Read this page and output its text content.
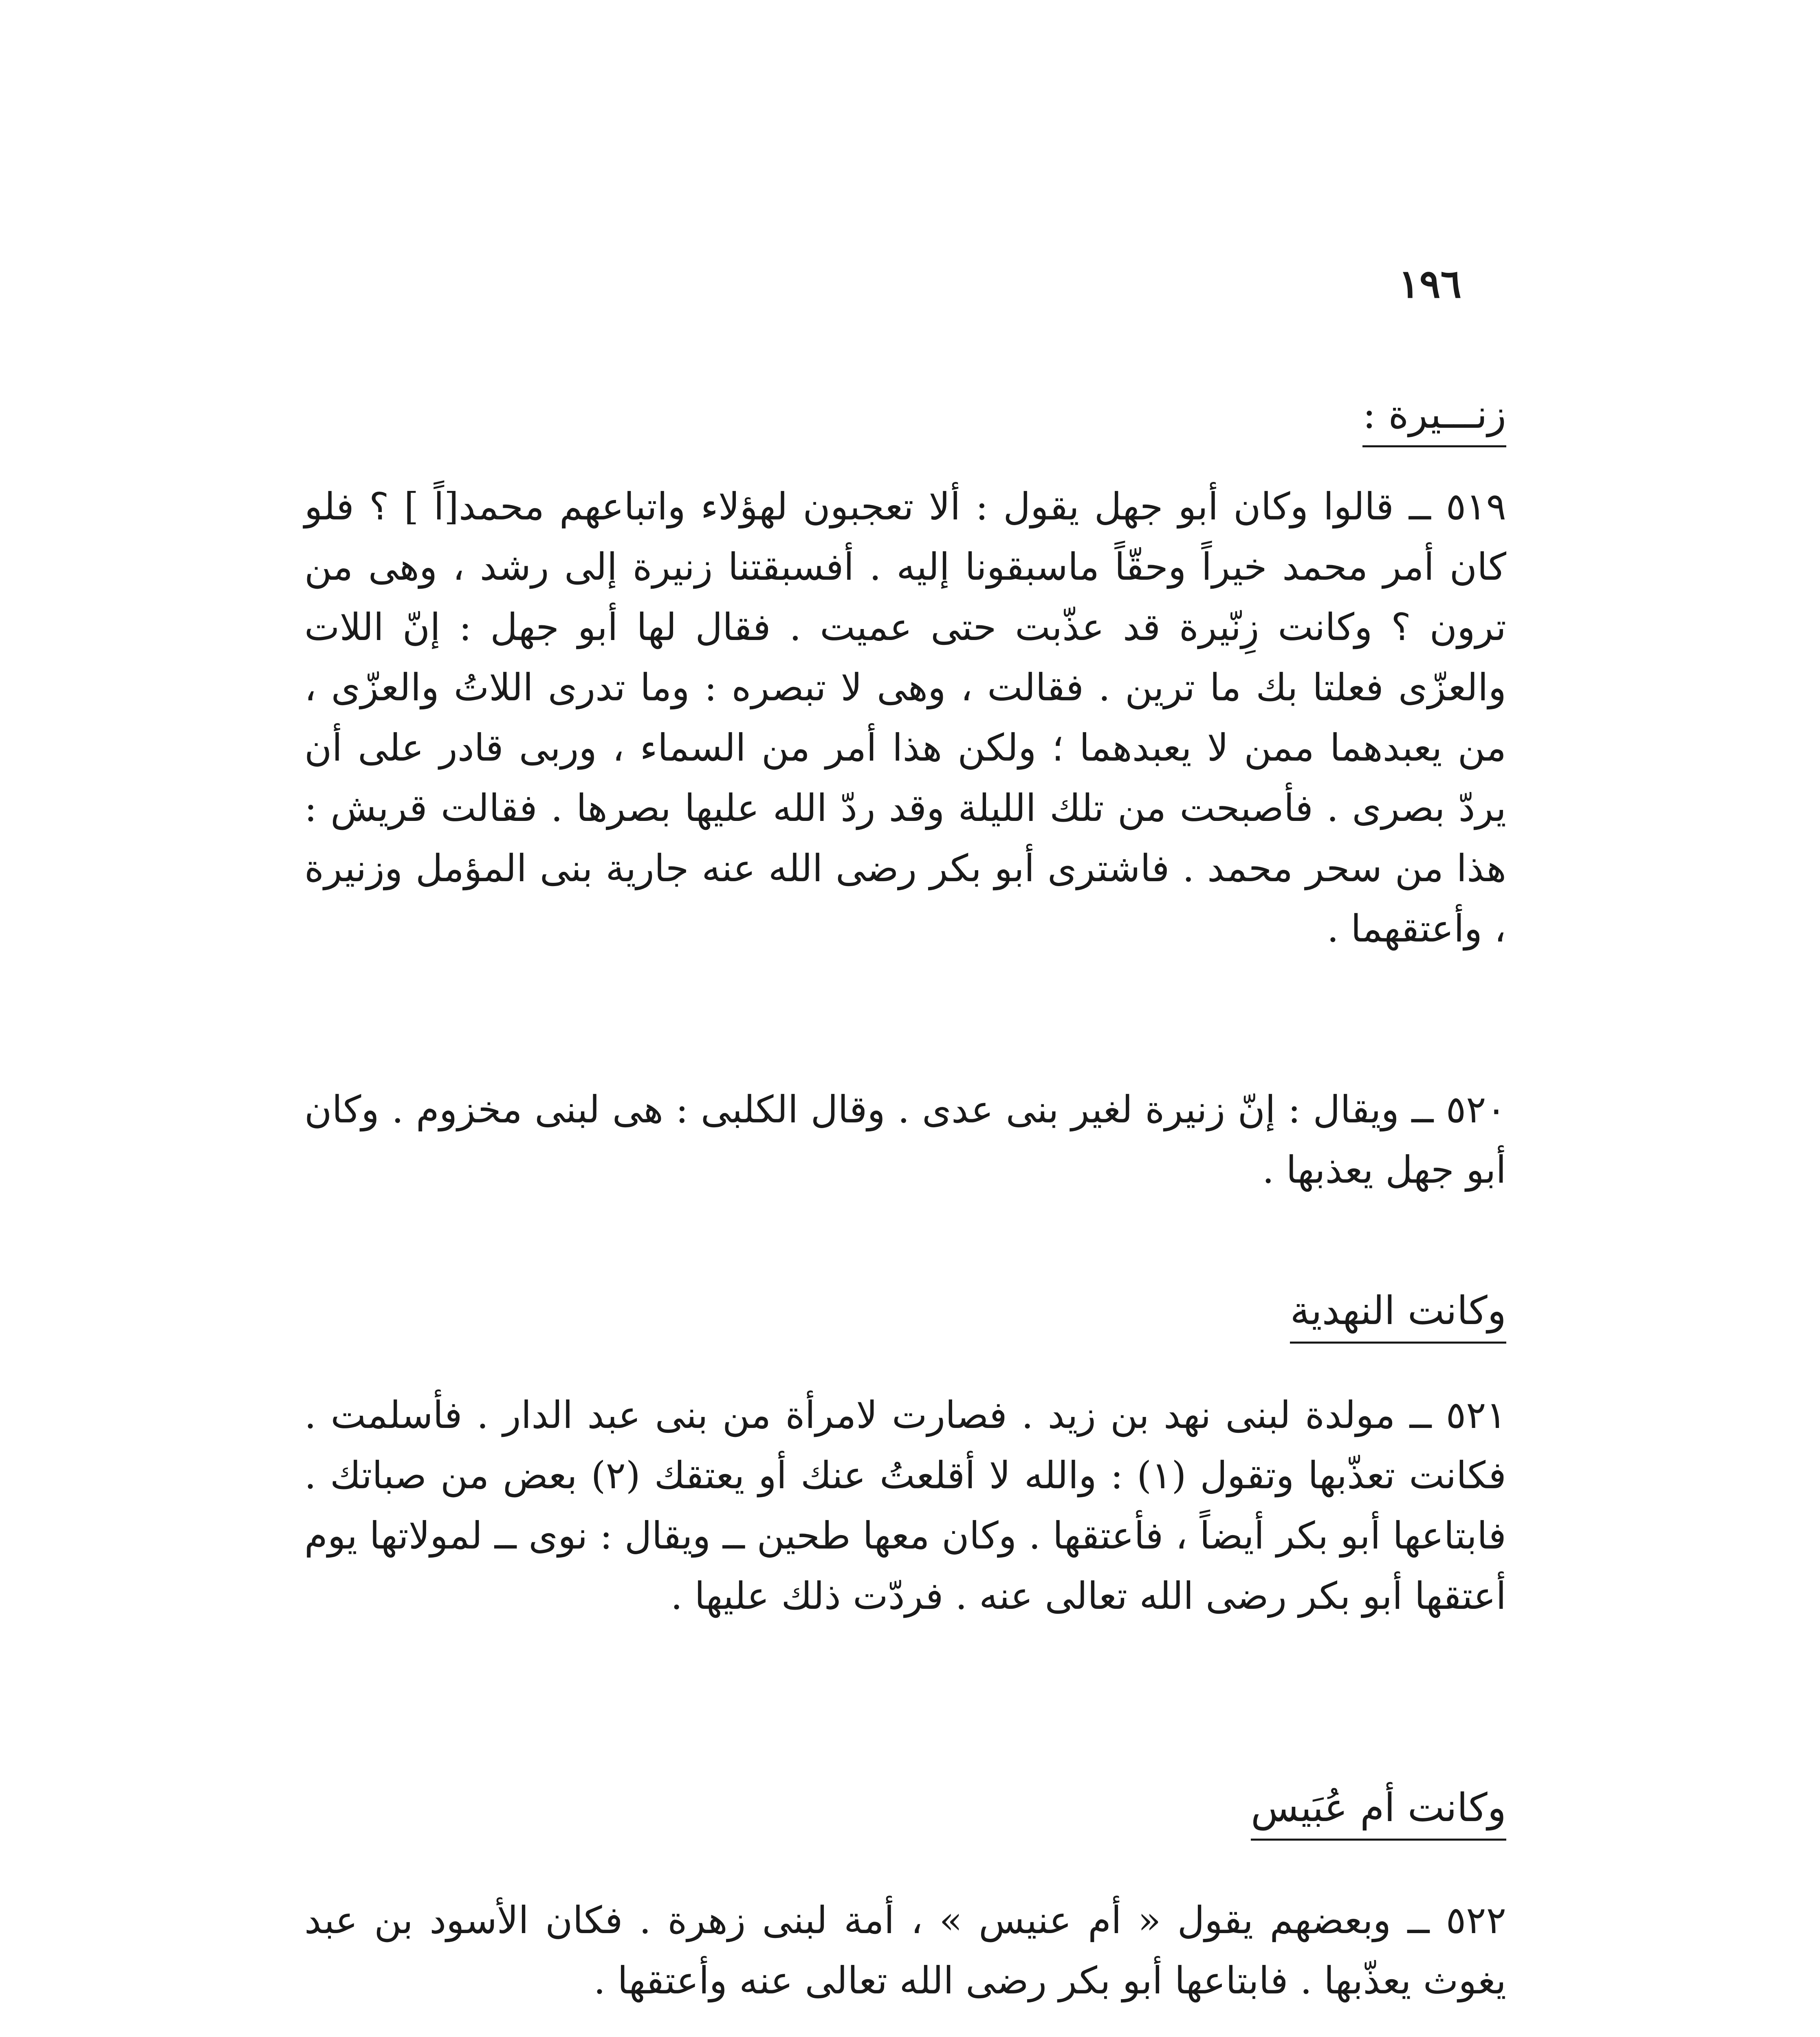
١٩٦
زنـــيرة :

٥١٩ ــ قالوا وكان أبو جهل يقول : ألا تعجبون لهؤلاء واتباعهم محمد[اً ] ؟ فلو كان أمر محمد خيراً وحقّاً ماسبقونا إليه . أفسبقتنا زنيرة إلى رشد ، وهى من ترون ؟ وكانت زِنّيرة قد عذّبت حتى عميت . فقال لها أبو جهل : إنّ اللات والعزّى فعلتا بك ما ترين . فقالت ، وهى لا تبصره : وما تدرى اللاتُ والعزّى ، من يعبدهما ممن لا يعبدهما ؛ ولكن هذا أمر من السماء ، وربى قادر على أن يردّ بصرى . فأصبحت من تلك الليلة وقد ردّ الله عليها بصرها . فقالت قريش : هذا من سحر محمد . فاشترى أبو بكر رضى الله عنه جارية بنى المؤمل وزنيرة ، وأعتقهما .

٥٢٠ ــ ويقال : إنّ زنيرة لغير بنى عدى . وقال الكلبى : هى لبنى مخزوم . وكان أبو جهل يعذبها .

وكانت النهدية

٥٢١ ــ مولدة لبنى نهد بن زيد . فصارت لامرأة من بنى عبد الدار . فأسلمت . فكانت تعذّبها وتقول (١) : والله لا أقلعتُ عنك أو يعتقك (٢) بعض من صباتك . فابتاعها أبو بكر أيضاً ، فأعتقها . وكان معها طحين ــ ويقال : نوى ــ لمولاتها يوم أعتقها أبو بكر رضى الله تعالى عنه . فردّت ذلك عليها .

وكانت أم عُبَيس

٥٢٢ ــ وبعضهم يقول « أم عنيس » ، أمة لبنى زهرة . فكان الأسود بن عبد يغوث يعذّبها . فابتاعها أبو بكر رضى الله تعالى عنه وأعتقها .
